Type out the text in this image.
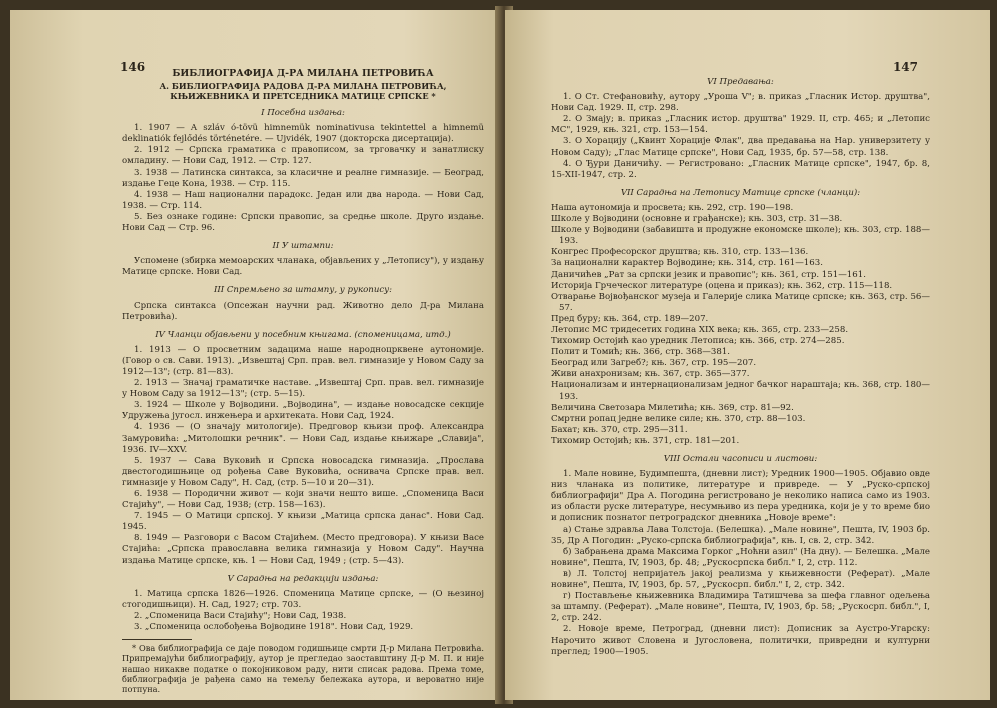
146	БИБЛИОГРАФИЈА Д-РА МИЛАНА ПЕТРОВИЋА
А. БИБЛИОГРАФИЈА РАДОВА Д-РА МИЛАНА ПЕТРОВИЋА, КЊИЖЕВНИКА И ПРЕТСЕДНИКА МАТИЦЕ СРПСКЕ *
I Посебна издања:

1. 1907 — A szláv ó-tövü himnemük nominativusa tekintettel a himnemü deklinatiók fejlődés történetére. — Ujvidék, 1907 (докторска дисертација).

2. 1912 — Српска граматика с правописом, за трговачку и занатлиску омладину. — Нови Сад, 1912. — Стр. 127.

3. 1938 — Латинска синтакса, за класичне и реалне гимназије. — Београд, издање Геце Кона, 1938. — Стр. 115.

4. 1938 — Наш национални парадокс. Један или два народа. — Нови Сад, 1938. — Стр. 114.

5. Без ознаке године: Српски правопис, за средње школе. Друго издање. Нови Сад — Стр. 96.

II У штампи:

Успомене (збирка мемоарских чланака, објављених у „Летопису"), у издању Матице српске. Нови Сад.

III Спремљено за штампу, у рукопису:

Српска синтакса (Опсежан научни рад. Животно дело Д-ра Милана Петровића).

IV Чланци објављени у посебним књигама. (споменицама, итд.)

1. 1913 — О просветним задацима наше народноцрквене аутономије. (Говор о св. Сави. 1913). „Извештај Срп. прав. вел. гимназије у Новом Саду за 1912—13"; (стр. 81—83).

2. 1913 — Значај граматичке наставе. „Извештај Срп. прав. вел. гимназије у Новом Саду за 1912—13"; (стр. 5—15).

3. 1924 — Школе у Војводини. „Војводина", — издање новосадске секције Удружења југосл. инжењера и архитеката. Нови Сад, 1924.

4. 1936 — (О значају митологије). Предговор књизи проф. Александра Замуровића: „Митолошки речник". — Нови Сад, издање књижаре „Славија", 1936. IV—XXV.

5. 1937 — Сава Вуковић и Српска новосадска гимназија. „Прослава двестогодишњице од рођења Саве Вуковића, оснивача Српске прав. вел. гимназије у Новом Саду", Н. Сад, (стр. 5—10 и 20—31).

6. 1938 — Породични живот — који значи нешто више. „Споменица Васи Стајићу", — Нови Сад, 1938; (стр. 158—163).

7. 1945 — О Матици српској. У књизи „Матица српска данас". Нови Сад. 1945.

8. 1949 — Разговори с Васом Стајићем. (Место предговора). У књизи Васе Стајића: „Српска православна велика гимназија у Новом Саду". Научна издања Матице српске, књ. 1 — Нови Сад, 1949 ; (стр. 5—43).

V Сарадња на редакцији издања:

1. Матица српска 1826—1926. Споменица Матице српске, — (О њезиној стогодишњици). Н. Сад, 1927; стр. 703.

2. „Споменица Васи Стајићу"; Нови Сад, 1938.

3. „Споменица ослобођења Војводине 1918". Нови Сад, 1929.

* Ова библиографија се даје поводом годишњице смрти Д-р Милана Петровића. Припремајући библиографију, аутор је прегледао заоставштину Д-р М. П. и није нашао никакве податке о покојниковом раду, нити списак радова. Према томе, библиографија је рађена само на темељу бележака аутора, и вероватно није потпуна.

147
VI Предавања:

1. О Ст. Стефановићу, аутору „Уроша V"; в. приказ „Гласник Истор. друштва", Нови Сад. 1929. II, стр. 298.

2. О Змају; в. приказ „Гласник истор. друштва" 1929. II, стр. 465; и „Летопис МС", 1929, књ. 321, стр. 153—154.

3. О Хорацију („Квинт Хорације Флак", два предавања на Нар. универзитету у Новом Саду); „Глас Матице српске", Нови Сад, 1935, бр. 57—58, стр. 138.

4. О Ђури Даничићу. — Регистровано: „Гласник Матице српске", 1947, бр. 8, 15-XII-1947, стр. 2.

VII Сарадња на Летопису Матице српске (чланци):

Наша аутономија и просвета; књ. 292, стр. 190—198.

Школе у Војводини (основне и грађанске); књ. 303, стр. 31—38.

Школе у Војводини (забавишта и продужне економске школе); књ. 303, стр. 188—193.

Конгрес Професорског друштва; књ. 310, стр. 133—136.

За национални карактер Војводине; књ. 314, стр. 161—163.

Даничићев „Рат за српски језик и правопис"; књ. 361, стр. 151—161.

Историја Грчеческог литературе (оцена и приказ); књ. 362, стр. 115—118.

Отварање Војвођанског музеја и Галерије слика Матице српске; књ. 363, стр. 56—57.

Пред буру; књ. 364, стр. 189—207.

Летопис МС тридесетих година XIX века; књ. 365, стр. 233—258.

Тихомир Остојић као уредник Летописа; књ. 366, стр. 274—285.

Полит и Томић; књ. 366, стр. 368—381.

Београд или Загреб?; књ. 367, стр. 195—207.

Живи анахронизам; књ. 367, стр. 365—377.

Национализам и интернационализам једног бачког нараштаја; књ. 368, стр. 180—193.

Величина Светозара Милетића; књ. 369, стр. 81—92.

Смртни ропац једне велике силе; књ. 370, стр. 88—103.

Бахат; књ. 370, стр. 295—311.

Тихомир Остојић; књ. 371, стр. 181—201.

VIII Остали часописи и листови:

1. Мале новине, Будимпешта, (дневни лист); Уредник 1900—1905. Објавио овде низ чланака из политике, литературе и привреде. — У „Руско-српској библиографији" Дра А. Погодина регистровано је неколико написа само из 1903. из области руске литературе, несумњиво из пера уредника, који је у то време био и дописник познатог петроградског дневника „Новоје време":

а) Стање здравља Лава Толстоја. (Белешка). „Мале новине", Пешта, IV, 1903 бр. 35, Др А Погодин: „Руско-српска библиографија", књ. I, св. 2, стр. 342.

б) Забрањена драма Максима Горког „Ноћни азил" (На дну). — Белешка. „Мале новине", Пешта, IV, 1903, бр. 48; „Рускосрпска библ." I, 2, стр. 112.

в) Л. Толстој непријатељ јакој реализма у књижевности (Реферат). „Мале новине", Пешта, IV, 1903, бр. 57, „Рускосрп. библ." I, 2, стр. 342.

г) Постављење књижевника Владимира Татишчева за шефа главног одељења за штампу. (Реферат). „Мале новине", Пешта, IV, 1903, бр. 58; „Рускосрп. библ.", I, 2, стр. 242.

2. Новоје време, Петроград, (дневни лист): Дописник за Аустро-Угарску: Нарочито живот Словена и Југословена, политички, привредни и културни преглед; 1900—1905.
